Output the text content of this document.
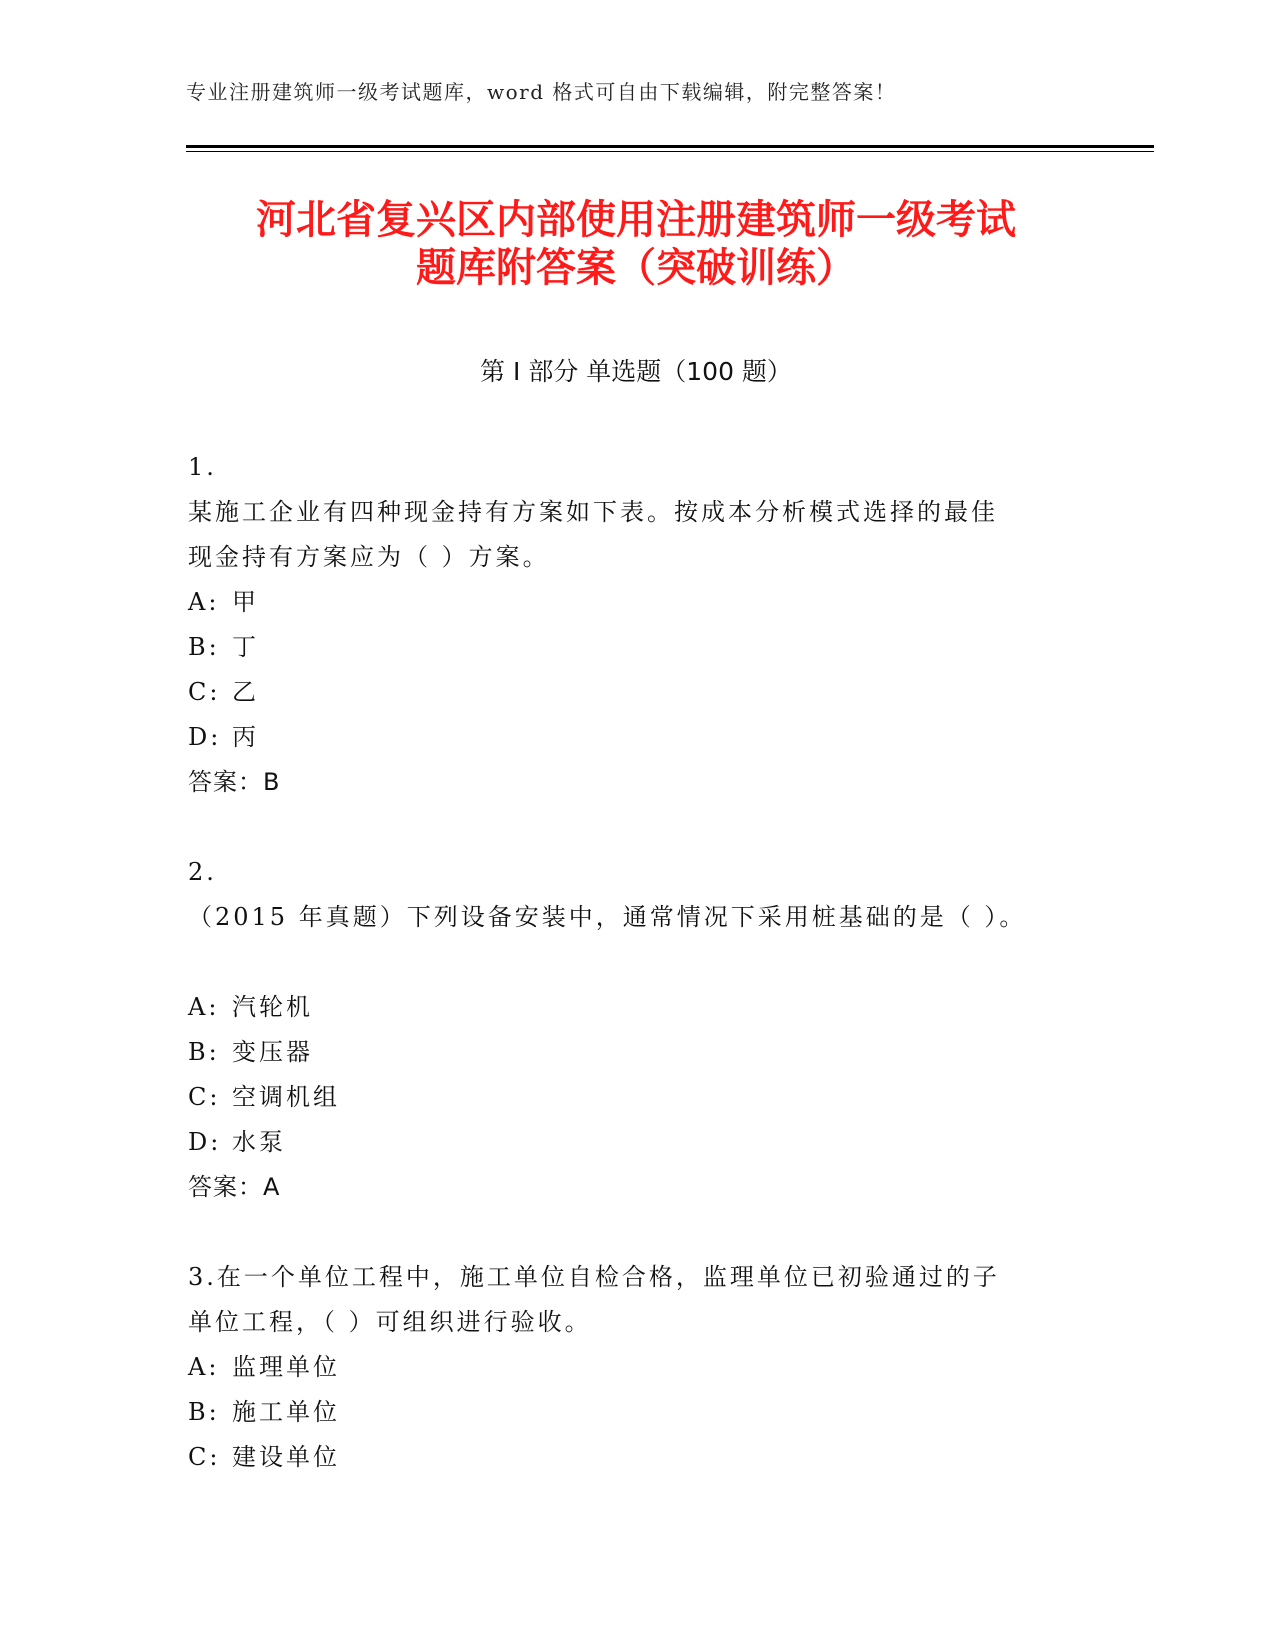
专业注册建筑师一级考试题库，word 格式可自由下载编辑，附完整答案！
河北省复兴区内部使用注册建筑师一级考试
题库附答案（突破训练）
第 I 部分 单选题（100 题）
1.
某施工企业有四种现金持有方案如下表。按成本分析模式选择的最佳
现金持有方案应为（ ）方案。
A: 甲
B: 丁
C: 乙
D: 丙
答案：B
2.
（2015 年真题）下列设备安装中，通常情况下采用桩基础的是（ ）。
A: 汽轮机
B: 变压器
C: 空调机组
D: 水泵
答案：A
3.在一个单位工程中，施工单位自检合格，监理单位已初验通过的子
单位工程，（ ）可组织进行验收。
A: 监理单位
B: 施工单位
C: 建设单位
